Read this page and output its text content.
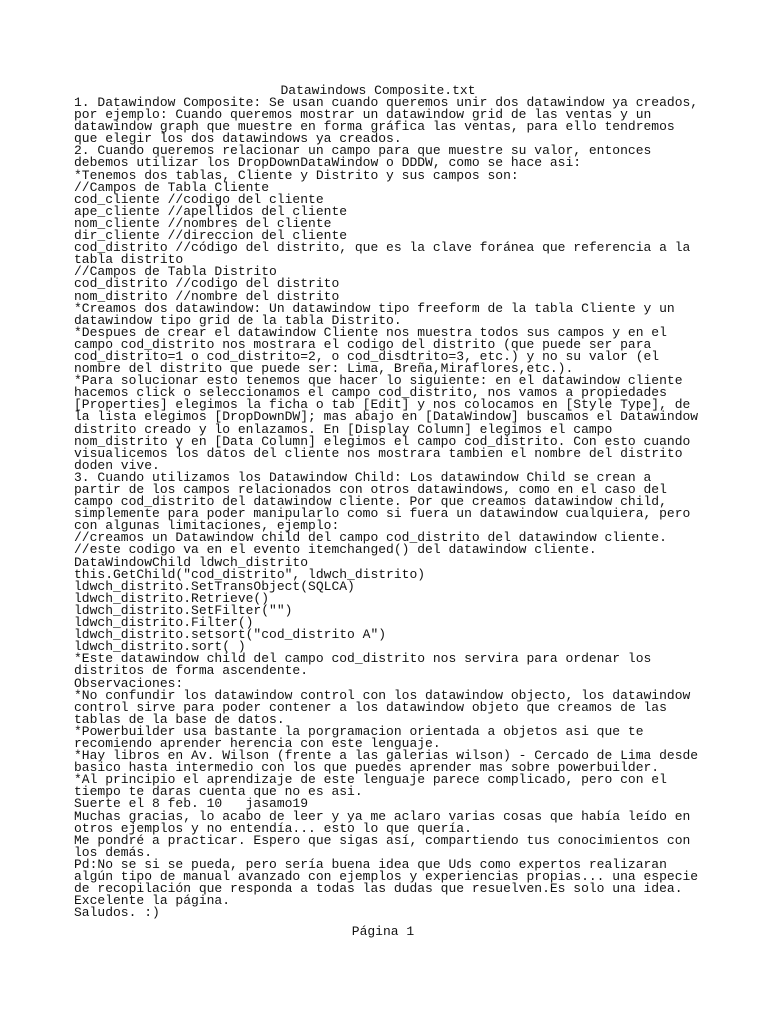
Datawindows Composite.txt
1. Datawindow Composite: Se usan cuando queremos unir dos datawindow ya creados,
por ejemplo: Cuando queremos mostrar un datawindow grid de las ventas y un
datawindow graph que muestre en forma gráfica las ventas, para ello tendremos
que elegir los dos datawindows ya creados.
2. Cuando queremos relacionar un campo para que muestre su valor, entonces
debemos utilizar los DropDownDataWindow o DDDW, como se hace asi:
*Tenemos dos tablas, Cliente y Distrito y sus campos son:
//Campos de Tabla Cliente
cod_cliente //codigo del cliente
ape_cliente //apellidos del cliente
nom_cliente //nombres del cliente
dir_cliente //direccion del cliente
cod_distrito //código del distrito, que es la clave foránea que referencia a la
tabla distrito
//Campos de Tabla Distrito
cod_distrito //codigo del distrito
nom_distrito //nombre del distrito
*Creamos dos datawindow: Un datawindow tipo freeform de la tabla Cliente y un
datawindow tipo grid de la tabla Distrito.
*Despues de crear el datawindow Cliente nos muestra todos sus campos y en el
campo cod_distrito nos mostrara el codigo del distrito (que puede ser para
cod_distrito=1 o cod_distrito=2, o cod_disdtrito=3, etc.) y no su valor (el
nombre del distrito que puede ser: Lima, Breña,Miraflores,etc.).
*Para solucionar esto tenemos que hacer lo siguiente: en el datawindow cliente
hacemos click o seleccionamos el campo cod_distrito, nos vamos a propiedades
[Properties] elegimos la ficha o tab [Edit] y nos colocamos en [Style Type], de
la lista elegimos [DropDownDW]; mas abajo en [DataWindow] buscamos el Datawindow
distrito creado y lo enlazamos. En [Display Column] elegimos el campo
nom_distrito y en [Data Column] elegimos el campo cod_distrito. Con esto cuando
visualicemos los datos del cliente nos mostrara tambien el nombre del distrito
doden vive.
3. Cuando utilizamos los Datawindow Child: Los datawindow Child se crean a
partir de los campos relacionados con otros datawindows, como en el caso del
campo cod_distrito del datawindow cliente. Por que creamos datawindow child,
simplemente para poder manipularlo como si fuera un datawindow cualquiera, pero
con algunas limitaciones, ejemplo:
//creamos un Datawindow child del campo cod_distrito del datawindow cliente.
//este codigo va en el evento itemchanged() del datawindow cliente.
DataWindowChild ldwch_distrito
this.GetChild("cod_distrito", ldwch_distrito)
ldwch_distrito.SetTransObject(SQLCA)
ldwch_distrito.Retrieve()
ldwch_distrito.SetFilter("")
ldwch_distrito.Filter()
ldwch_distrito.setsort("cod_distrito A")
ldwch_distrito.sort( )
*Este datawindow child del campo cod_distrito nos servira para ordenar los
distritos de forma ascendente.
Observaciones:
*No confundir los datawindow control con los datawindow objecto, los datawindow
control sirve para poder contener a los datawindow objeto que creamos de las
tablas de la base de datos.
*Powerbuilder usa bastante la porgramacion orientada a objetos asi que te
recomiendo aprender herencia con este lenguaje.
*Hay libros en Av. Wilson (frente a las galerias wilson) - Cercado de Lima desde
basico hasta intermedio con los que puedes aprender mas sobre powerbuilder.
*Al principio el aprendizaje de este lenguaje parece complicado, pero con el
tiempo te daras cuenta que no es asi.
Suerte el 8 feb. 10   jasamo19
Muchas gracias, lo acabo de leer y ya me aclaro varias cosas que había leído en
otros ejemplos y no entendía... esto lo que quería.
Me pondré a practicar. Espero que sigas así, compartiendo tus conocimientos con
los demás.
Pd:No se si se pueda, pero sería buena idea que Uds como expertos realizaran
algún tipo de manual avanzado con ejemplos y experiencias propias... una especie
de recopilación que responda a todas las dudas que resuelven.Es solo una idea.
Excelente la página.
Saludos. :)
Página 1
